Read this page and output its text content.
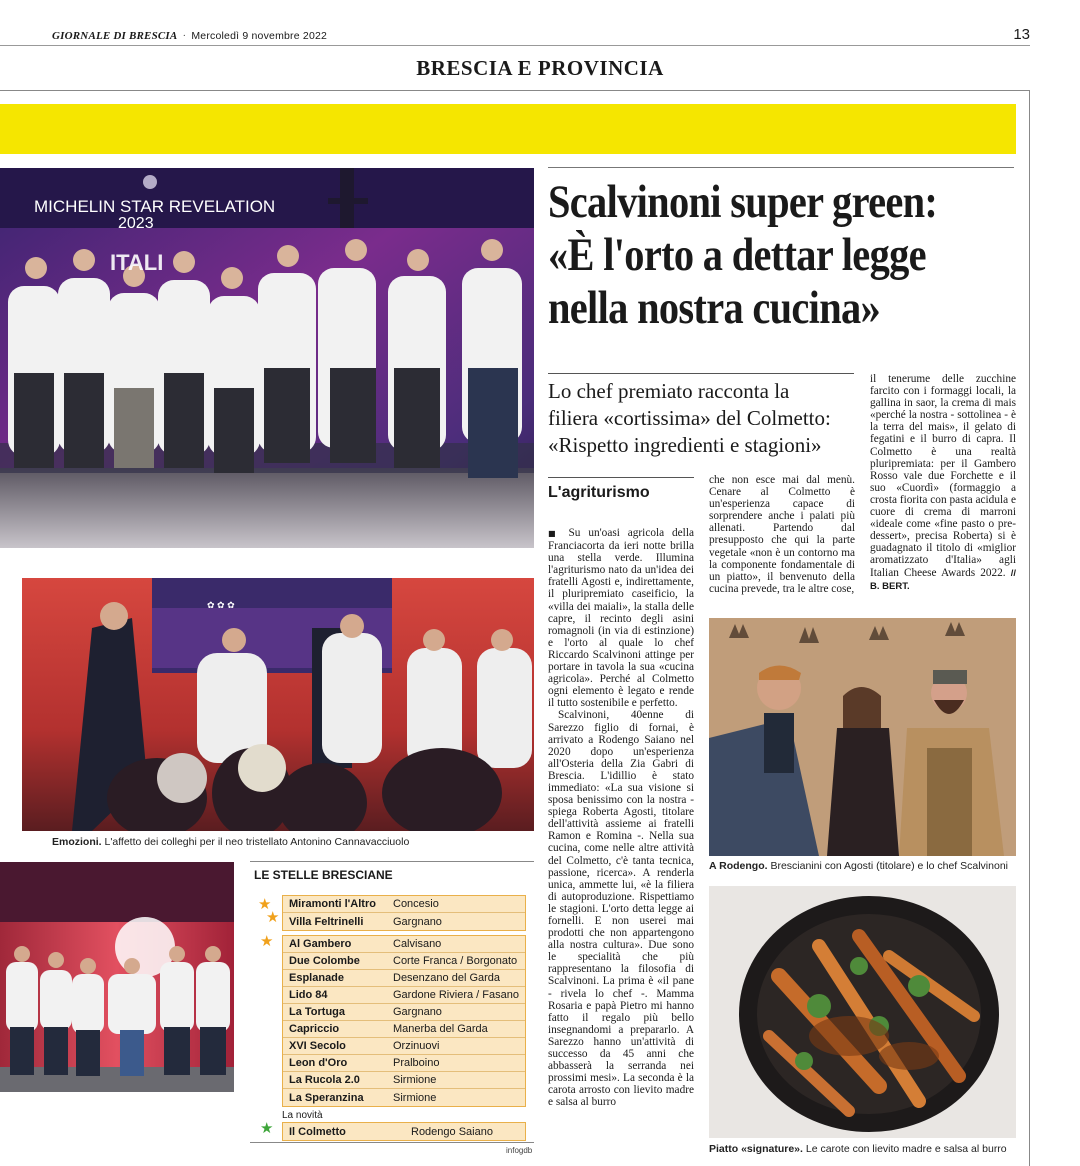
GIORNALE DI BRESCIA · Mercoledì 9 novembre 2022	13
BRESCIA E PROVINCIA
MICHELIN STAR REVELATION
2023
ITALI
✿ ✿ ✿
Emozioni. L'affetto dei colleghi per il neo tristellato Antonino Cannavacciuolo
Scalvinoni super green:
«È l'orto a dettar legge
nella nostra cucina»
Lo chef premiato racconta la
filiera «cortissima» del Colmetto:
«Rispetto ingredienti e stagioni»
L'agriturismo

■ Su un'oasi agricola della Franciacorta da ieri notte brilla una stella verde. Illumina l'agriturismo nato da un'idea dei fratelli Agosti e, indirettamente, il pluripremiato caseificio, la «villa dei maiali», la stalla delle capre, il recinto degli asini romagnoli (in via di estinzione) e l'orto al quale lo chef Riccardo Scalvinoni attinge per portare in tavola la sua «cucina agricola». Perché al Colmetto ogni elemento è legato e rende il tutto sostenibile e perfetto.

Scalvinoni, 40enne di Sarezzo figlio di fornai, è arrivato a Rodengo Saiano nel 2020 dopo un'esperienza all'Osteria della Zia Gabri di Brescia. L'idillio è stato immediato: «La sua visione si sposa benissimo con la nostra - spiega Roberta Agosti, titolare dell'attività assieme ai fratelli Ramon e Romina -. Nella sua cucina, come nelle altre attività del Colmetto, c'è tanta tecnica, passione, ricerca». A renderla unica, ammette lui, «è la filiera di autoproduzione. Rispettiamo le stagioni. L'orto detta legge ai fornelli. E non userei mai prodotti che non appartengono alla nostra cultura». Due sono le specialità che più rappresentano la filosofia di Scalvinoni. La prima è «il pane - rivela lo chef -. Mamma Rosaria e papà Pietro mi hanno fatto il regalo più bello insegnandomi a prepararlo. A Sarezzo hanno un'attività di successo da 45 anni che abbasserà la serranda nei prossimi mesi». La seconda è la carota arrosto con lievito madre e salsa al burro

che non esce mai dal menù. Cenare al Colmetto è un'esperienza capace di sorprendere anche i palati più allenati. Partendo dal presupposto che qui la parte vegetale «non è un contorno ma la componente fondamentale di un piatto», il benvenuto della cucina prevede, tra le altre cose,

il tenerume delle zucchine farcito con i formaggi locali, la gallina in saor, la crema di mais «perché la nostra - sottolinea - è la terra del mais», il gelato di fegatini e il burro di capra. Il Colmetto è una realtà pluripremiata: per il Gambero Rosso vale due Forchette e il suo «Cuordì» (formaggio a crosta fiorita con pasta acidula e cuore di crema di marroni «ideale come «fine pasto o pre-dessert», precisa Roberta) si è guadagnato il titolo di «miglior aromatizzato d'Italia» agli Italian Cheese Awards 2022. // B. BERT.

A Rodengo. Brescianini con Agosti (titolare) e lo chef Scalvinoni
Piatto «signature». Le carote con lievito madre e salsa al burro
LE STELLE BRESCIANE
★
★
Miramonti l'Altro	Concesio
Villa Feltrinelli	Gargnano
★	Al Gambero	Calvisano
Due Colombe	Corte Franca / Borgonato
Esplanade	Desenzano del Garda
Lido 84	Gardone Riviera / Fasano
La Tortuga	Gargnano
Capriccio	Manerba del Garda
XVI Secolo	Orzinuovi
Leon d'Oro	Pralboino
La Rucola 2.0	Sirmione
La Speranzina	Sirmione
La novità
★	Il Colmetto	Rodengo Saiano
infogdb
